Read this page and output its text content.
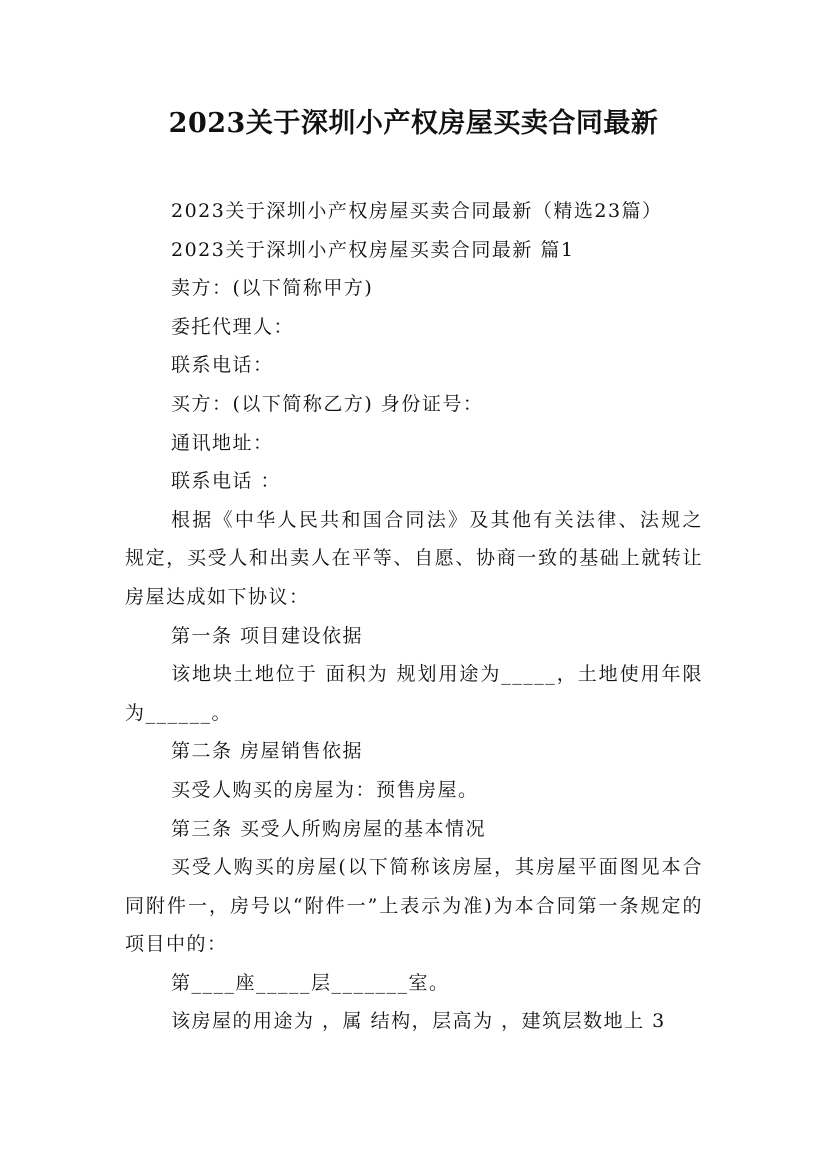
2023关于深圳小产权房屋买卖合同最新

2023关于深圳小产权房屋买卖合同最新（精选23篇）

2023关于深圳小产权房屋买卖合同最新 篇1

卖方：(以下简称甲方)

委托代理人：

联系电话：

买方：(以下简称乙方) 身份证号：

通讯地址：

联系电话 ：

根据《中华人民共和国合同法》及其他有关法律、法规之规定，买受人和出卖人在平等、自愿、协商一致的基础上就转让房屋达成如下协议：

第一条 项目建设依据

该地块土地位于 面积为 规划用途为_____，土地使用年限为______。

第二条 房屋销售依据

买受人购买的房屋为：预售房屋。

第三条 买受人所购房屋的基本情况

买受人购买的房屋(以下简称该房屋，其房屋平面图见本合同附件一，房号以“附件一”上表示为准)为本合同第一条规定的项目中的：

第____座_____层_______室。

该房屋的用途为 ，属 结构，层高为 ，建筑层数地上 3
